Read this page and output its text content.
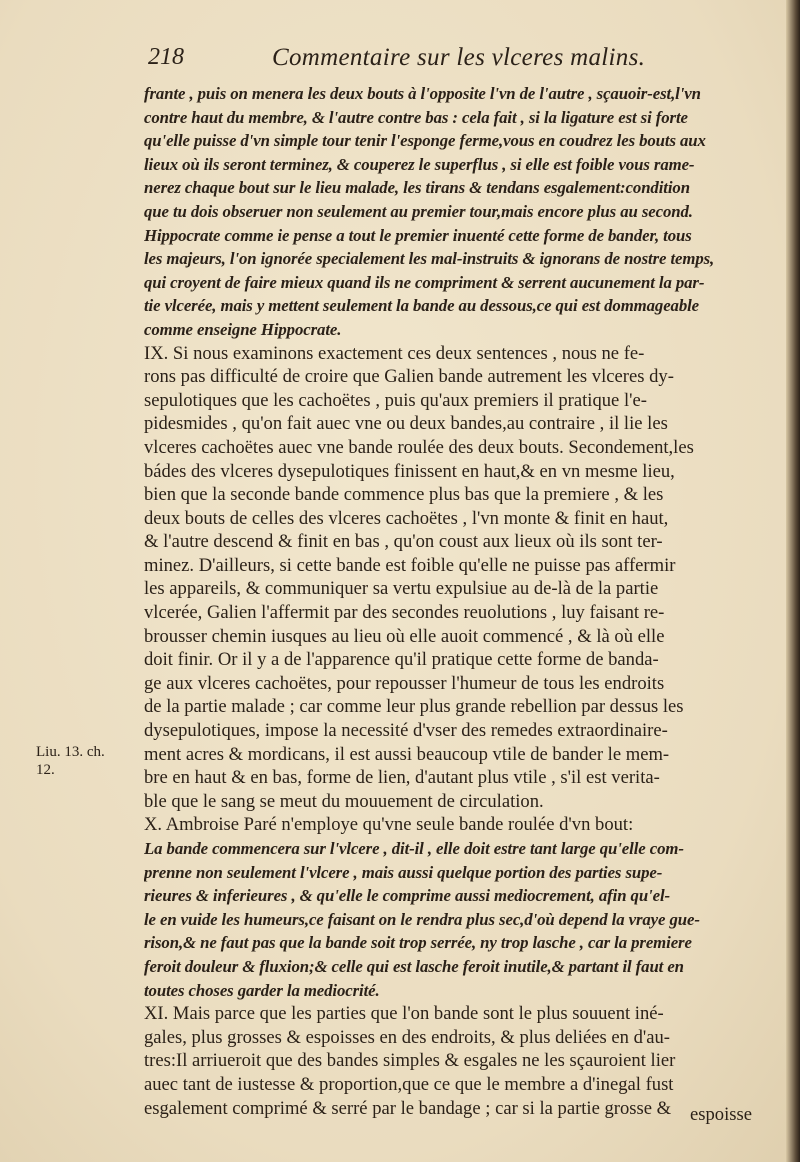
218	Commentaire sur les vlceres malins.
Liu. 13. ch.
12.
frante , puis on menera les deux bouts à l'opposite l'vn de l'autre , sçauoir-est,l'vn
contre haut du membre, & l'autre contre bas : cela fait , si la ligature est si forte
qu'elle puisse d'vn simple tour tenir l'esponge ferme,vous en coudrez les bouts aux
lieux où ils seront terminez, & couperez le superflus , si elle est foible vous rame-
nerez chaque bout sur le lieu malade, les tirans & tendans esgalement:condition
que tu dois obseruer non seulement au premier tour,mais encore plus au second.
Hippocrate comme ie pense a tout le premier inuenté cette forme de bander, tous
les majeurs, l'on ignorée specialement les mal-instruits & ignorans de nostre temps,
qui croyent de faire mieux quand ils ne compriment & serrent aucunement la par-
tie vlcerée, mais y mettent seulement la bande au dessous,ce qui est dommageable
comme enseigne Hippocrate.
IX. Si nous examinons exactement ces deux sentences , nous ne fe-
rons pas difficulté de croire que Galien bande autrement les vlceres dy-
sepulotiques que les cachoëtes , puis qu'aux premiers il pratique l'e-
pidesmides , qu'on fait auec vne ou deux bandes,au contraire , il lie les
vlceres cachoëtes auec vne bande roulée des deux bouts. Secondement,les
bádes des vlceres dysepulotiques finissent en haut,& en vn mesme lieu,
bien que la seconde bande commence plus bas que la premiere , & les
deux bouts de celles des vlceres cachoëtes , l'vn monte & finit en haut,
& l'autre descend & finit en bas , qu'on coust aux lieux où ils sont ter-
minez. D'ailleurs, si cette bande est foible qu'elle ne puisse pas affermir
les appareils, & communiquer sa vertu expulsiue au de-là de la partie
vlcerée, Galien l'affermit par des secondes reuolutions , luy faisant re-
brousser chemin iusques au lieu où elle auoit commencé , & là où elle
doit finir. Or il y a de l'apparence qu'il pratique cette forme de banda-
ge aux vlceres cachoëtes, pour repousser l'humeur de tous les endroits
de la partie malade ; car comme leur plus grande rebellion par dessus les
dysepulotiques, impose la necessité d'vser des remedes extraordinaire-
ment acres & mordicans, il est aussi beaucoup vtile de bander le mem-
bre en haut & en bas, forme de lien, d'autant plus vtile , s'il est verita-
ble que le sang se meut du mouuement de circulation.
X. Ambroise Paré n'employe qu'vne seule bande roulée d'vn bout:
La bande commencera sur l'vlcere , dit-il , elle doit estre tant large qu'elle com-
prenne non seulement l'vlcere , mais aussi quelque portion des parties supe-
rieures & inferieures , & qu'elle le comprime aussi mediocrement, afin qu'el-
le en vuide les humeurs,ce faisant on le rendra plus sec,d'où depend la vraye gue-
rison,& ne faut pas que la bande soit trop serrée, ny trop lasche , car la premiere
feroit douleur & fluxion;& celle qui est lasche feroit inutile,& partant il faut en
toutes choses garder la mediocrité.
XI. Mais parce que les parties que l'on bande sont le plus souuent iné-
gales, plus grosses & espoisses en des endroits, & plus deliées en d'au-
tres:Il arriueroit que des bandes simples & esgales ne les sçauroient lier
auec tant de iustesse & proportion,que ce que le membre a d'inegal fust
esgalement comprimé & serré par le bandage ; car si la partie grosse &	espoisse
